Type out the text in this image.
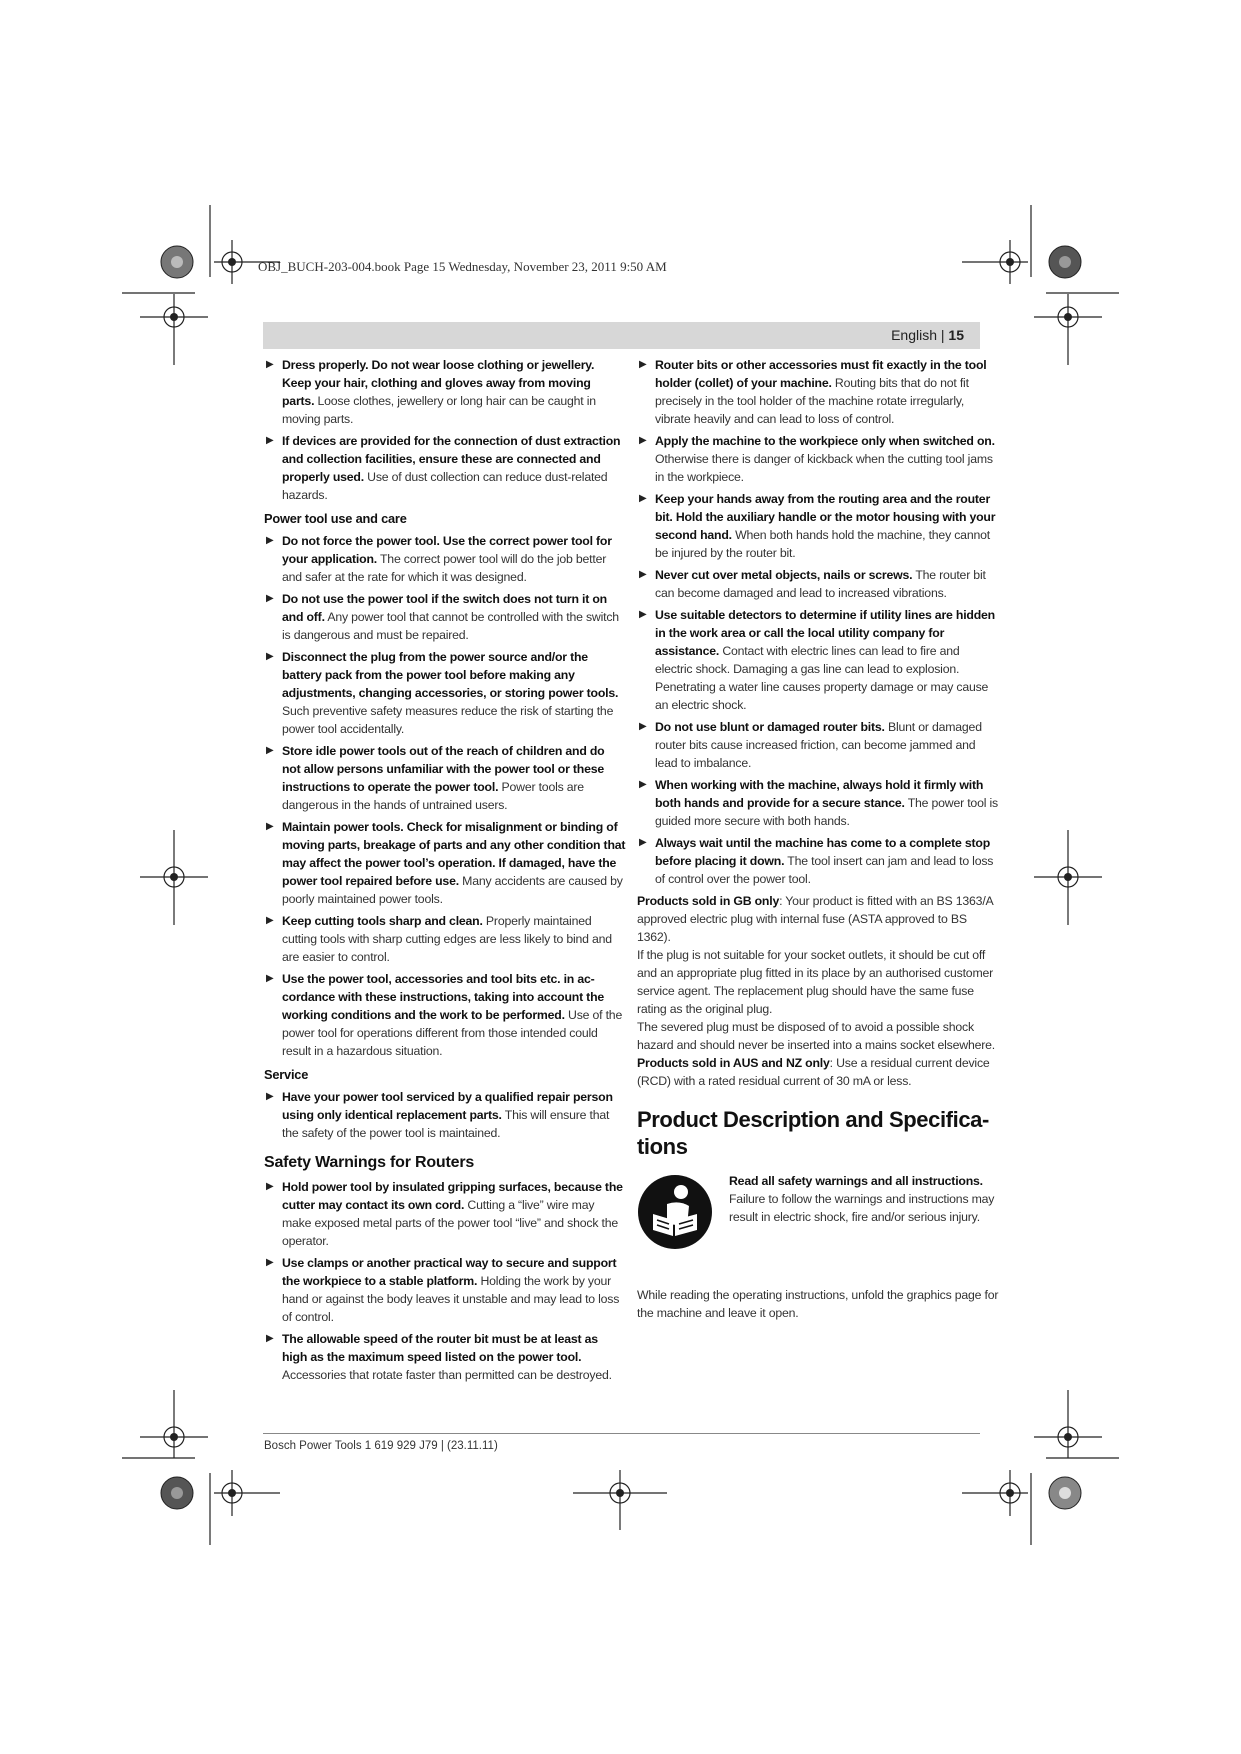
OBJ_BUCH-203-004.book Page 15 Wednesday, November 23, 2011 9:50 AM
English | 15
▶ Dress properly. Do not wear loose clothing or jewellery. Keep your hair, clothing and gloves away from moving parts. Loose clothes, jewellery or long hair can be caught in moving parts.
▶ If devices are provided for the connection of dust extraction and collection facilities, ensure these are connected and properly used. Use of dust collection can reduce dust-related hazards.
Power tool use and care
▶ Do not force the power tool. Use the correct power tool for your application. The correct power tool will do the job better and safer at the rate for which it was designed.
▶ Do not use the power tool if the switch does not turn it on and off. Any power tool that cannot be controlled with the switch is dangerous and must be repaired.
▶ Disconnect the plug from the power source and/or the battery pack from the power tool before making any adjustments, changing accessories, or storing power tools. Such preventive safety measures reduce the risk of starting the power tool accidentally.
▶ Store idle power tools out of the reach of children and do not allow persons unfamiliar with the power tool or these instructions to operate the power tool. Power tools are dangerous in the hands of untrained users.
▶ Maintain power tools. Check for misalignment or binding of moving parts, breakage of parts and any other condition that may affect the power tool’s operation. If damaged, have the power tool repaired before use. Many accidents are caused by poorly maintained power tools.
▶ Keep cutting tools sharp and clean. Properly maintained cutting tools with sharp cutting edges are less likely to bind and are easier to control.
▶ Use the power tool, accessories and tool bits etc. in accordance with these instructions, taking into account the working conditions and the work to be performed. Use of the power tool for operations different from those intended could result in a hazardous situation.
Service
▶ Have your power tool serviced by a qualified repair person using only identical replacement parts. This will ensure that the safety of the power tool is maintained.
Safety Warnings for Routers
▶ Hold power tool by insulated gripping surfaces, because the cutter may contact its own cord. Cutting a “live” wire may make exposed metal parts of the power tool “live” and shock the operator.
▶ Use clamps or another practical way to secure and support the workpiece to a stable platform. Holding the work by your hand or against the body leaves it unstable and may lead to loss of control.
▶ The allowable speed of the router bit must be at least as high as the maximum speed listed on the power tool. Accessories that rotate faster than permitted can be destroyed.
▶ Router bits or other accessories must fit exactly in the tool holder (collet) of your machine. Routing bits that do not fit precisely in the tool holder of the machine rotate irregularly, vibrate heavily and can lead to loss of control.
▶ Apply the machine to the workpiece only when switched on. Otherwise there is danger of kickback when the cutting tool jams in the workpiece.
▶ Keep your hands away from the routing area and the router bit. Hold the auxiliary handle or the motor housing with your second hand. When both hands hold the machine, they cannot be injured by the router bit.
▶ Never cut over metal objects, nails or screws. The router bit can become damaged and lead to increased vibrations.
▶ Use suitable detectors to determine if utility lines are hidden in the work area or call the local utility company for assistance. Contact with electric lines can lead to fire and electric shock. Damaging a gas line can lead to explosion. Penetrating a water line causes property damage or may cause an electric shock.
▶ Do not use blunt or damaged router bits. Blunt or damaged router bits cause increased friction, can become jammed and lead to imbalance.
▶ When working with the machine, always hold it firmly with both hands and provide for a secure stance. The power tool is guided more secure with both hands.
▶ Always wait until the machine has come to a complete stop before placing it down. The tool insert can jam and lead to loss of control over the power tool.
Products sold in GB only: Your product is fitted with an BS 1363/A approved electric plug with internal fuse (ASTA approved to BS 1362).
If the plug is not suitable for your socket outlets, it should be cut off and an appropriate plug fitted in its place by an authorised customer service agent. The replacement plug should have the same fuse rating as the original plug.
The severed plug must be disposed of to avoid a possible shock hazard and should never be inserted into a mains socket elsewhere.
Products sold in AUS and NZ only: Use a residual current device (RCD) with a rated residual current of 30 mA or less.
Product Description and Specifications
Read all safety warnings and all instructions. Failure to follow the warnings and instructions may result in electric shock, fire and/or serious injury.
While reading the operating instructions, unfold the graphics page for the machine and leave it open.
Bosch Power Tools 1 619 929 J79 | (23.11.11)
